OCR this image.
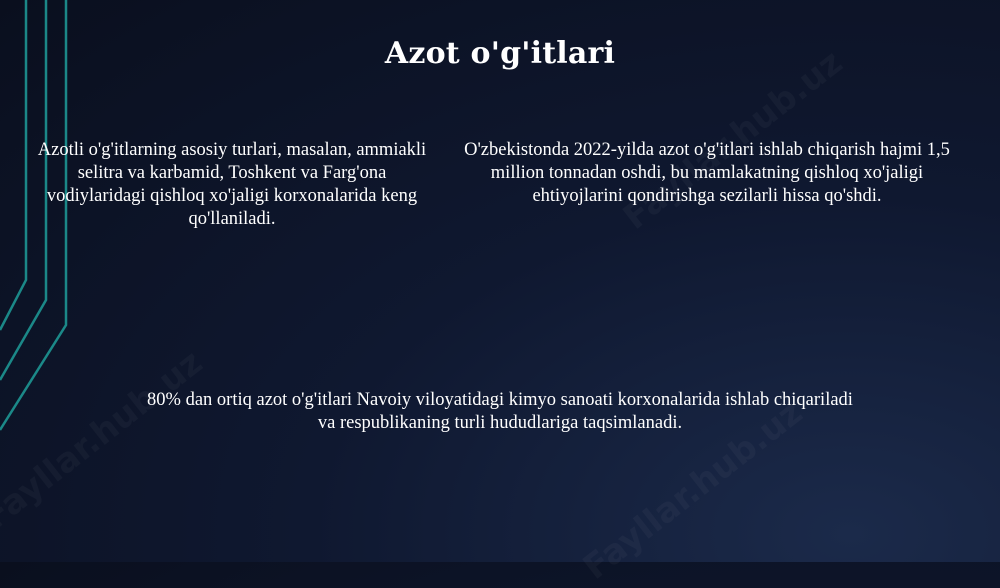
Azot o'g'itlari
Azotli o'g'itlarning asosiy turlari, masalan, ammiakli selitra va karbamid, Toshkent va Farg'ona vodiylaridagi qishloq xo'jaligi korxonalarida keng qo'llaniladi.
O'zbekistonda 2022-yilda azot o'g'itlari ishlab chiqarish hajmi 1,5 million tonnadan oshdi, bu mamlakatning qishloq xo'jaligi ehtiyojlarini qondirishga sezilarli hissa qo'shdi.
80% dan ortiq azot o'g'itlari Navoiy viloyatidagi kimyo sanoati korxonalarida ishlab chiqariladi va respublikaning turli hududlariga taqsimlanadi.
